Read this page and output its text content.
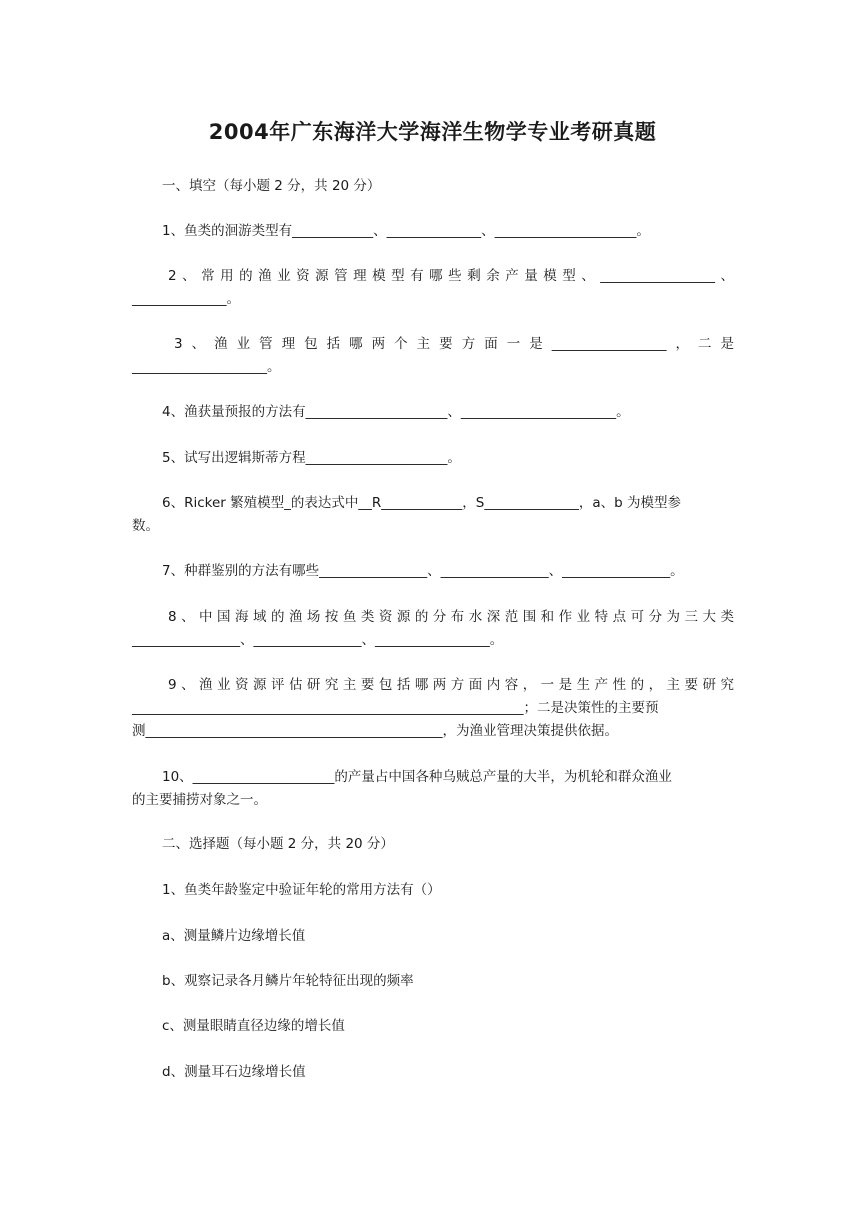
2004年广东海洋大学海洋生物学专业考研真题
一、填空（每小题 2 分，共 20 分）
1、鱼类的洄游类型有____________、______________、_____________________。
2、常用的渔业资源管理模型有哪些剩余产量模型、_________________、
______________。
3、渔业管理包括哪两个主要方面一是_________________，二是
____________________。
4、渔获量预报的方法有_____________________、_______________________。
5、试写出逻辑斯蒂方程_____________________。
6、Ricker 繁殖模型_的表达式中__R____________，S______________，a、b 为模型参
数。
7、种群鉴别的方法有哪些________________、________________、________________。
8、中国海域的渔场按鱼类资源的分布水深范围和作业特点可分为三大类
________________、________________、_________________。
9、渔业资源评估研究主要包括哪两方面内容，一是生产性的，主要研究
__________________________________________________________；二是决策性的主要预
测____________________________________________，为渔业管理决策提供依据。
10、_____________________的产量占中国各种乌贼总产量的大半，为机轮和群众渔业
的主要捕捞对象之一。
二、选择题（每小题 2 分，共 20 分）
1、鱼类年龄鉴定中验证年轮的常用方法有（）
a、测量鳞片边缘增长值
b、观察记录各月鳞片年轮特征出现的频率
c、测量眼睛直径边缘的增长值
d、测量耳石边缘增长值
